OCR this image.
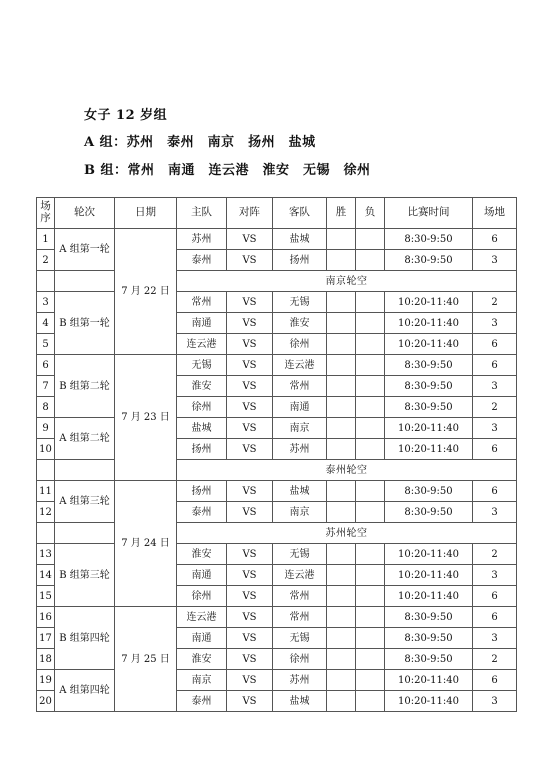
女子 12 岁组
A 组：苏州　泰州　南京　扬州　盐城
B 组：常州　南通　连云港　淮安　无锡　徐州
场序	轮次	日期	主队	对阵	客队	胜	负	比赛时间	场地
1	A 组第一轮	7 月 22 日	苏州	VS	盐城			8:30-9:50	6
2			泰州	VS	扬州			8:30-9:50	3
			南京轮空						
3	B 组第一轮		常州	VS	无锡			10:20-11:40	2
4			南通	VS	淮安			10:20-11:40	3
5			连云港	VS	徐州			10:20-11:40	6
6	B 组第二轮	7 月 23 日	无锡	VS	连云港			8:30-9:50	6
7			淮安	VS	常州			8:30-9:50	3
8			徐州	VS	南通			8:30-9:50	2
9	A 组第二轮		盐城	VS	南京			10:20-11:40	3
10			扬州	VS	苏州			10:20-11:40	6
			泰州轮空						
11	A 组第三轮	7 月 24 日	扬州	VS	盐城			8:30-9:50	6
12			泰州	VS	南京			8:30-9:50	3
			苏州轮空						
13	B 组第三轮		淮安	VS	无锡			10:20-11:40	2
14			南通	VS	连云港			10:20-11:40	3
15			徐州	VS	常州			10:20-11:40	6
16	B 组第四轮	7 月 25 日	连云港	VS	常州			8:30-9:50	6
17			南通	VS	无锡			8:30-9:50	3
18			淮安	VS	徐州			8:30-9:50	2
19	A 组第四轮		南京	VS	苏州			10:20-11:40	6
20			泰州	VS	盐城			10:20-11:40	3
